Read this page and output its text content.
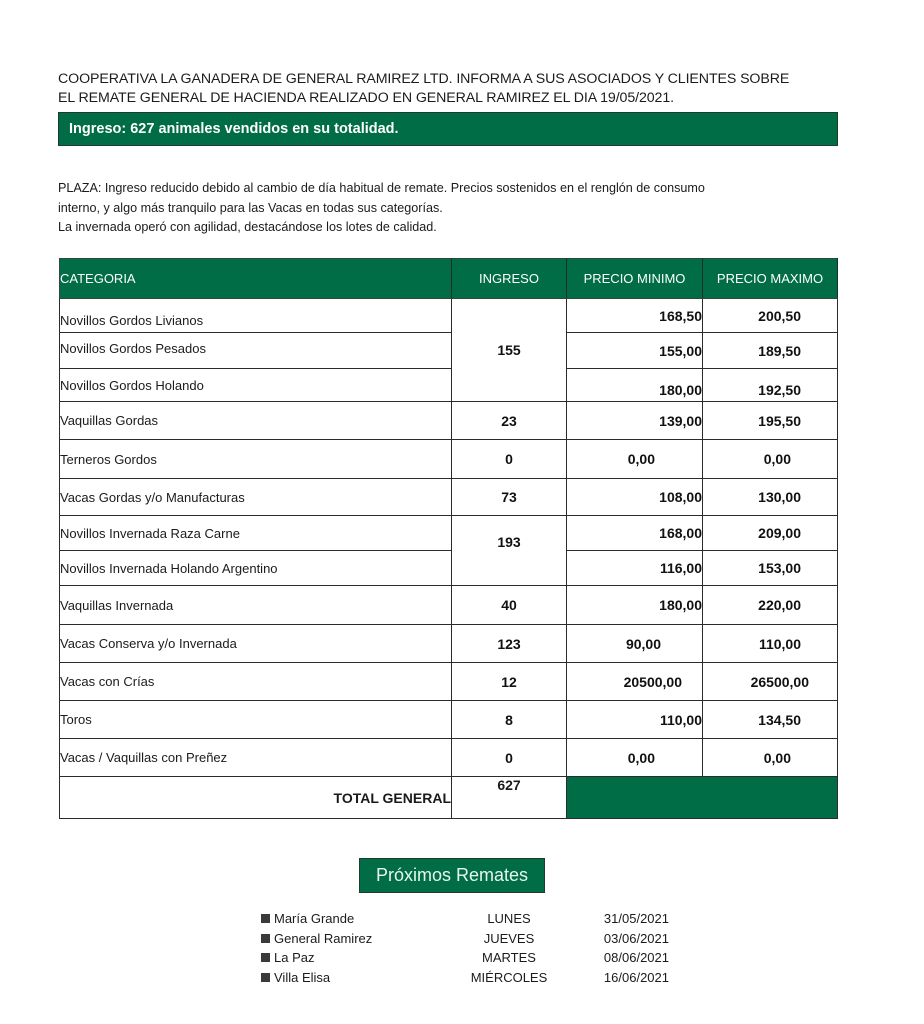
COOPERATIVA LA GANADERA DE GENERAL RAMIREZ LTD. INFORMA A SUS ASOCIADOS Y CLIENTES SOBRE
EL REMATE GENERAL DE HACIENDA REALIZADO EN GENERAL RAMIREZ EL DIA 19/05/2021.
Ingreso: 627 animales vendidos en su totalidad.
PLAZA: Ingreso reducido debido al cambio de día habitual de remate. Precios sostenidos en el renglón de consumo
interno, y algo más tranquilo para las Vacas en todas sus categorías.
La invernada operó con agilidad, destacándose los lotes de calidad.
CATEGORIA	INGRESO	PRECIO MINIMO	PRECIO MAXIMO
Novillos Gordos Livianos	155	168,50	200,50
Novillos Gordos Pesados		155,00	189,50
Novillos Gordos Holando		180,00	192,50
Vaquillas Gordas	23	139,00	195,50
Terneros Gordos	0	0,00	0,00
Vacas Gordas y/o Manufacturas	73	108,00	130,00
Novillos Invernada Raza Carne	193	168,00	209,00
Novillos Invernada Holando Argentino		116,00	153,00
Vaquillas Invernada	40	180,00	220,00
Vacas Conserva y/o Invernada	123	90,00	110,00
Vacas con Crías	12	20500,00	26500,00
Toros	8	110,00	134,50
Vacas / Vaquillas con Preñez	0	0,00	0,00
TOTAL GENERAL	627		
Próximos Remates
María Grande	LUNES	31/05/2021
General Ramirez	JUEVES	03/06/2021
La Paz	MARTES	08/06/2021
Villa Elisa	MIÉRCOLES	16/06/2021
